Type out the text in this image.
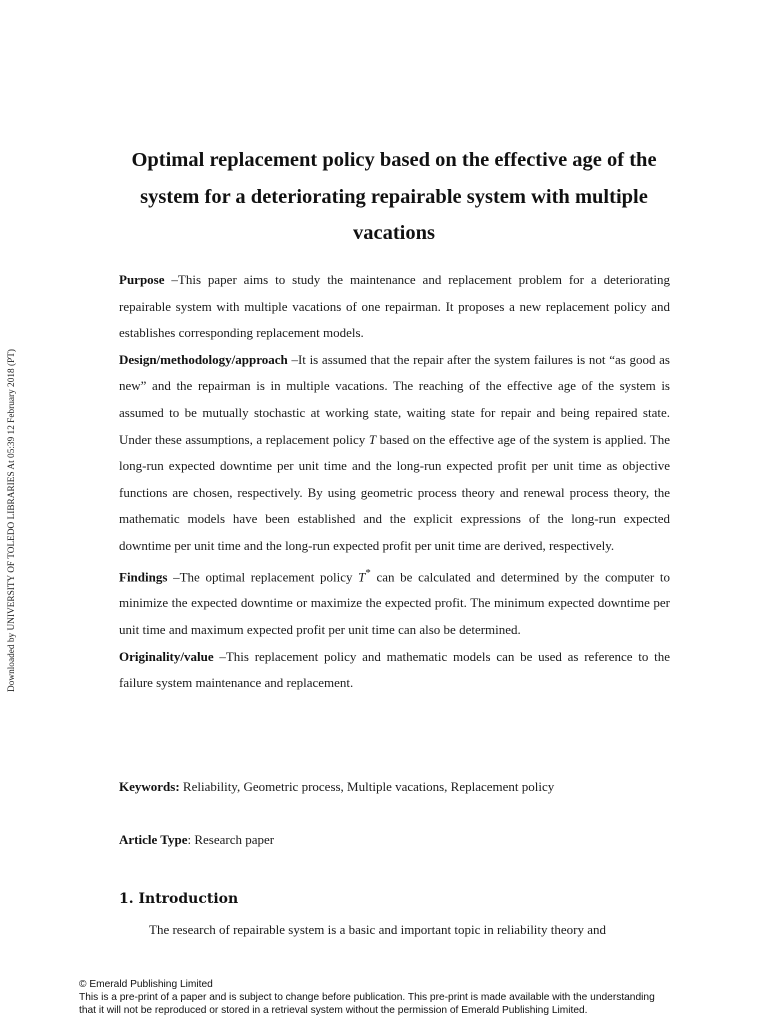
Downloaded by UNIVERSITY OF TOLEDO LIBRARIES At 05:39 12 February 2018 (PT)
Optimal replacement policy based on the effective age of the system for a deteriorating repairable system with multiple vacations

Purpose –This paper aims to study the maintenance and replacement problem for a deteriorating repairable system with multiple vacations of one repairman. It proposes a new replacement policy and establishes corresponding replacement models.

Design/methodology/approach –It is assumed that the repair after the system failures is not “as good as new” and the repairman is in multiple vacations. The reaching of the effective age of the system is assumed to be mutually stochastic at working state, waiting state for repair and being repaired state. Under these assumptions, a replacement policy T based on the effective age of the system is applied. The long-run expected downtime per unit time and the long-run expected profit per unit time as objective functions are chosen, respectively. By using geometric process theory and renewal process theory, the mathematic models have been established and the explicit expressions of the long-run expected downtime per unit time and the long-run expected profit per unit time are derived, respectively.

Findings –The optimal replacement policy T* can be calculated and determined by the computer to minimize the expected downtime or maximize the expected profit. The minimum expected downtime per unit time and maximum expected profit per unit time can also be determined.

Originality/value –This replacement policy and mathematic models can be used as reference to the failure system maintenance and replacement.

Keywords: Reliability, Geometric process, Multiple vacations, Replacement policy
Article Type: Research paper
1. Introduction
The research of repairable system is a basic and important topic in reliability theory and
© Emerald Publishing Limited
This is a pre-print of a paper and is subject to change before publication. This pre-print is made available with the understanding
that it will not be reproduced or stored in a retrieval system without the permission of Emerald Publishing Limited.
